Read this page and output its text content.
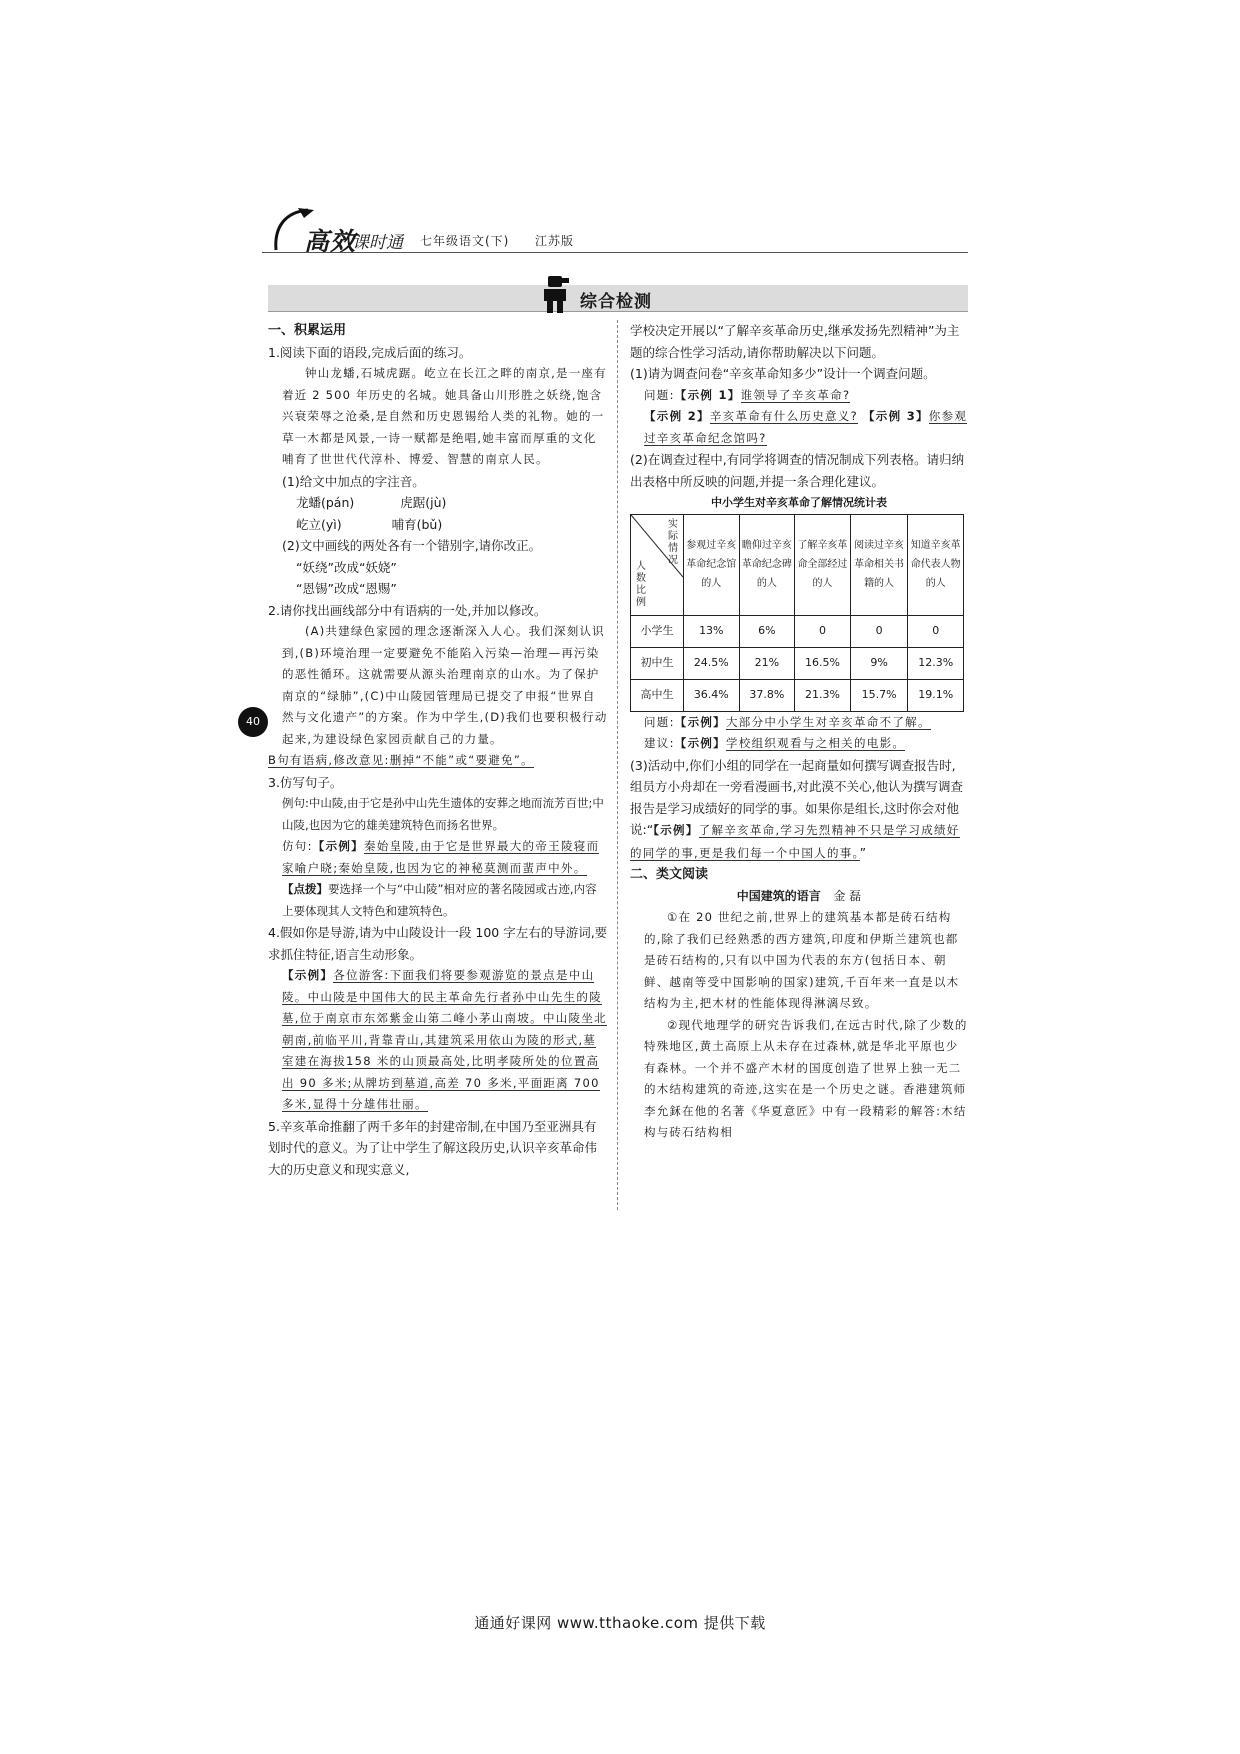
高效
课时通 七年级语文(下) 江苏版
综合检测
40

一、积累运用

1.阅读下面的语段,完成后面的练习。

钟山龙蟠,石城虎踞。屹立在长江之畔的南京,是一座有着近 2 500 年历史的名城。她具备山川形胜之妖绕,饱含兴衰荣辱之沧桑,是自然和历史恩锡给人类的礼物。她的一草一木都是风景,一诗一赋都是绝唱,她丰富而厚重的文化哺育了世世代代淳朴、博爱、智慧的南京人民。

(1)给文中加点的字注音。

龙蟠(pán)	虎踞(jù)

屹立(yì)	哺育(bǔ)

(2)文中画线的两处各有一个错别字,请你改正。

“妖绕”改成“妖娆”

“恩锡”改成“恩赐”

2.请你找出画线部分中有语病的一处,并加以修改。

(A)共建绿色家园的理念逐渐深入人心。我们深刻认识到,(B)环境治理一定要避免不能陷入污染—治理—再污染的恶性循环。这就需要从源头治理南京的山水。为了保护南京的“绿肺”,(C)中山陵园管理局已提交了申报“世界自然与文化遗产”的方案。作为中学生,(D)我们也要积极行动起来,为建设绿色家园贡献自己的力量。

B句有语病,修改意见:删掉“不能”或“要避免”。

3.仿写句子。

例句:中山陵,由于它是孙中山先生遗体的安葬之地而流芳百世;中山陵,也因为它的雄美建筑特色而扬名世界。

仿句:【示例】秦始皇陵,由于它是世界最大的帝王陵寝而家喻户晓;秦始皇陵,也因为它的神秘莫测而蜚声中外。

【点拨】要选择一个与“中山陵”相对应的著名陵园或古迹,内容上要体现其人文特色和建筑特色。

4.假如你是导游,请为中山陵设计一段 100 字左右的导游词,要求抓住特征,语言生动形象。

【示例】各位游客:下面我们将要参观游览的景点是中山陵。中山陵是中国伟大的民主革命先行者孙中山先生的陵墓,位于南京市东郊紫金山第二峰小茅山南坡。中山陵坐北朝南,前临平川,背靠青山,其建筑采用依山为陵的形式,墓室建在海拔158 米的山顶最高处,比明孝陵所处的位置高出 90 多米;从牌坊到墓道,高差 70 多米,平面距离 700 多米,显得十分雄伟壮丽。

5.辛亥革命推翻了两千多年的封建帝制,在中国乃至亚洲具有划时代的意义。为了让中学生了解这段历史,认识辛亥革命伟大的历史意义和现实意义,

学校决定开展以“了解辛亥革命历史,继承发扬先烈精神”为主题的综合性学习活动,请你帮助解决以下问题。

(1)请为调查问卷“辛亥革命知多少”设计一个调查问题。

问题:【示例 1】谁领导了辛亥革命?
【示例 2】辛亥革命有什么历史意义? 【示例 3】你参观过辛亥革命纪念馆吗?

(2)在调查过程中,有同学将调查的情况制成下列表格。请归纳出表格中所反映的问题,并提一条合理化建议。

中小学生对辛亥革命了解情况统计表

实际情况
人数比例	参观过辛亥革命纪念馆的人	瞻仰过辛亥革命纪念碑的人	了解辛亥革命全部经过的人	阅读过辛亥革命相关书籍的人	知道辛亥革命代表人物的人
小学生	13%	6%	0	0	0
初中生	24.5%	21%	16.5%	9%	12.3%
高中生	36.4%	37.8%	21.3%	15.7%	19.1%

问题:【示例】大部分中小学生对辛亥革命不了解。

建议:【示例】学校组织观看与之相关的电影。

(3)活动中,你们小组的同学在一起商量如何撰写调查报告时,组员方小舟却在一旁看漫画书,对此漠不关心,他认为撰写调查报告是学习成绩好的同学的事。如果你是组长,这时你会对他说:“【示例】了解辛亥革命,学习先烈精神不只是学习成绩好的同学的事,更是我们每一个中国人的事。”

二、类文阅读

中国建筑的语言 金 磊

①在 20 世纪之前,世界上的建筑基本都是砖石结构的,除了我们已经熟悉的西方建筑,印度和伊斯兰建筑也都是砖石结构的,只有以中国为代表的东方(包括日本、朝鲜、越南等受中国影响的国家)建筑,千百年来一直是以木结构为主,把木材的性能体现得淋漓尽致。

②现代地理学的研究告诉我们,在远古时代,除了少数的特殊地区,黄土高原上从未存在过森林,就是华北平原也少有森林。一个并不盛产木材的国度创造了世界上独一无二的木结构建筑的奇迹,这实在是一个历史之谜。香港建筑师李允鉌在他的名著《华夏意匠》中有一段精彩的解答:木结构与砖石结构相

通通好课网 www.tthaoke.com 提供下载
